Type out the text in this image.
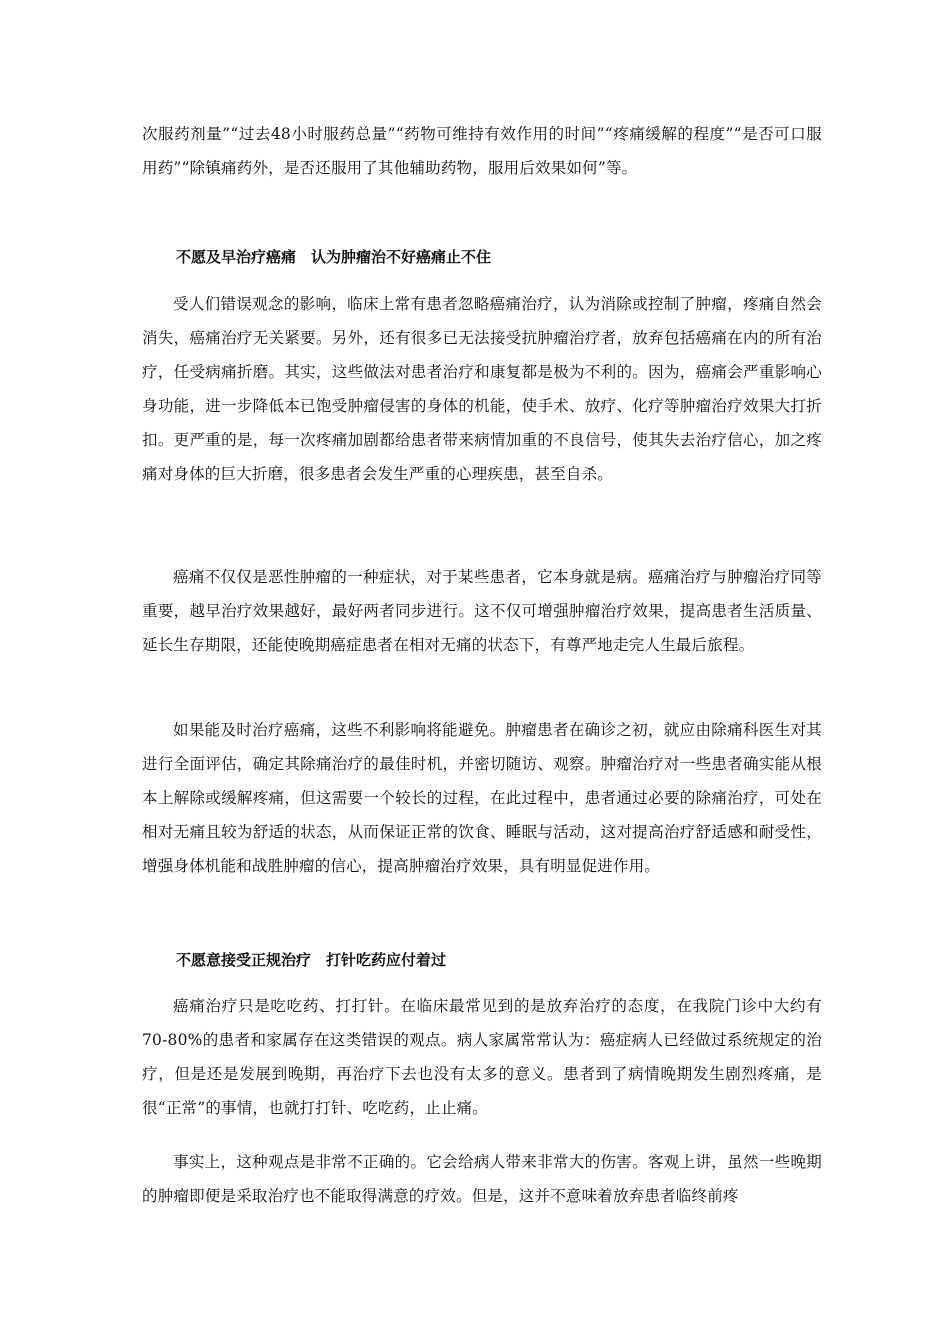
次服药剂量”“过去48小时服药总量”“药物可维持有效作用的时间”“疼痛缓解的程度”“是否可口服用药”“除镇痛药外，是否还服用了其他辅助药物，服用后效果如何”等。

不愿及早治疗癌痛　认为肿瘤治不好癌痛止不住

受人们错误观念的影响，临床上常有患者忽略癌痛治疗，认为消除或控制了肿瘤，疼痛自然会消失，癌痛治疗无关紧要。另外，还有很多已无法接受抗肿瘤治疗者，放弃包括癌痛在内的所有治疗，任受病痛折磨。其实，这些做法对患者治疗和康复都是极为不利的。因为，癌痛会严重影响心身功能，进一步降低本已饱受肿瘤侵害的身体的机能，使手术、放疗、化疗等肿瘤治疗效果大打折扣。更严重的是，每一次疼痛加剧都给患者带来病情加重的不良信号，使其失去治疗信心，加之疼痛对身体的巨大折磨，很多患者会发生严重的心理疾患，甚至自杀。

癌痛不仅仅是恶性肿瘤的一种症状，对于某些患者，它本身就是病。癌痛治疗与肿瘤治疗同等重要，越早治疗效果越好，最好两者同步进行。这不仅可增强肿瘤治疗效果，提高患者生活质量、延长生存期限，还能使晚期癌症患者在相对无痛的状态下，有尊严地走完人生最后旅程。

如果能及时治疗癌痛，这些不利影响将能避免。肿瘤患者在确诊之初，就应由除痛科医生对其进行全面评估，确定其除痛治疗的最佳时机，并密切随访、观察。肿瘤治疗对一些患者确实能从根本上解除或缓解疼痛，但这需要一个较长的过程，在此过程中，患者通过必要的除痛治疗，可处在相对无痛且较为舒适的状态，从而保证正常的饮食、睡眠与活动，这对提高治疗舒适感和耐受性，增强身体机能和战胜肿瘤的信心，提高肿瘤治疗效果，具有明显促进作用。

不愿意接受正规治疗　打针吃药应付着过

癌痛治疗只是吃吃药、打打针。在临床最常见到的是放弃治疗的态度，在我院门诊中大约有70-80%的患者和家属存在这类错误的观点。病人家属常常认为：癌症病人已经做过系统规定的治疗，但是还是发展到晚期，再治疗下去也没有太多的意义。患者到了病情晚期发生剧烈疼痛，是很“正常”的事情，也就打打针、吃吃药，止止痛。

事实上，这种观点是非常不正确的。它会给病人带来非常大的伤害。客观上讲，虽然一些晚期的肿瘤即便是采取治疗也不能取得满意的疗效。但是，这并不意味着放弃患者临终前疼
